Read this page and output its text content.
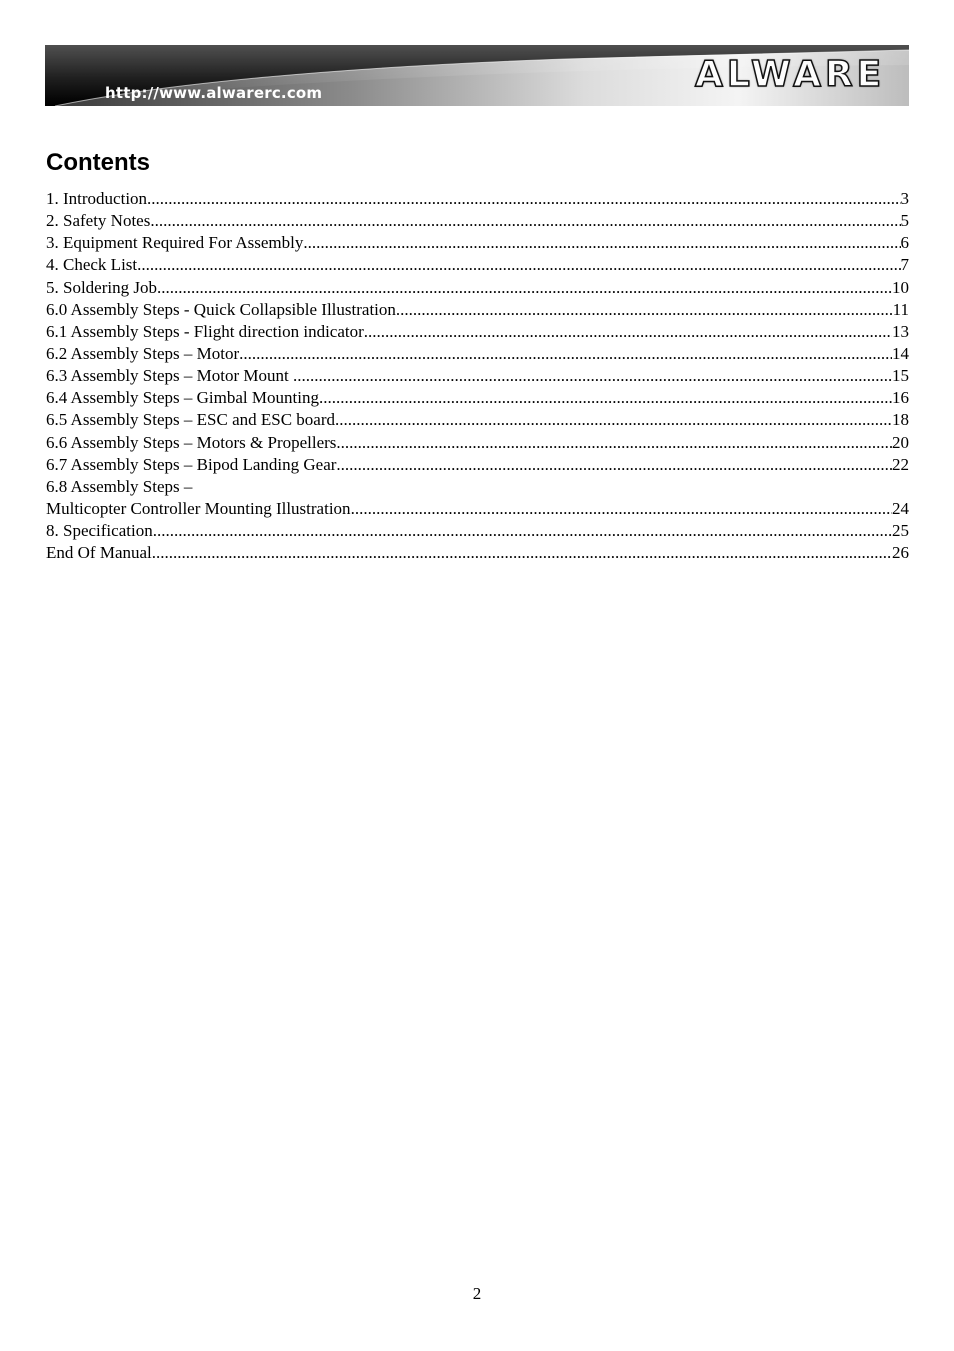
http://www.alwarerc.com	ALWARE
Contents
1. Introduction .....	3
2. Safety Notes .....	5
3. Equipment Required For Assembly .....	6
4. Check List .....	7
5. Soldering Job .....	10
6.0 Assembly Steps - Quick Collapsible Illustration .....	11
6.1 Assembly Steps - Flight direction indicator .....	13
6.2 Assembly Steps – Motor .....	14
6.3 Assembly Steps – Motor Mount .....	15
6.4 Assembly Steps – Gimbal Mounting .....	16
6.5 Assembly Steps – ESC and ESC board .....	18
6.6 Assembly Steps – Motors & Propellers .....	20
6.7 Assembly Steps – Bipod Landing Gear .....	22
6.8 Assembly Steps –
Multicopter Controller Mounting Illustration .....	24
8. Specification .....	25
End Of Manual .....	26
2
